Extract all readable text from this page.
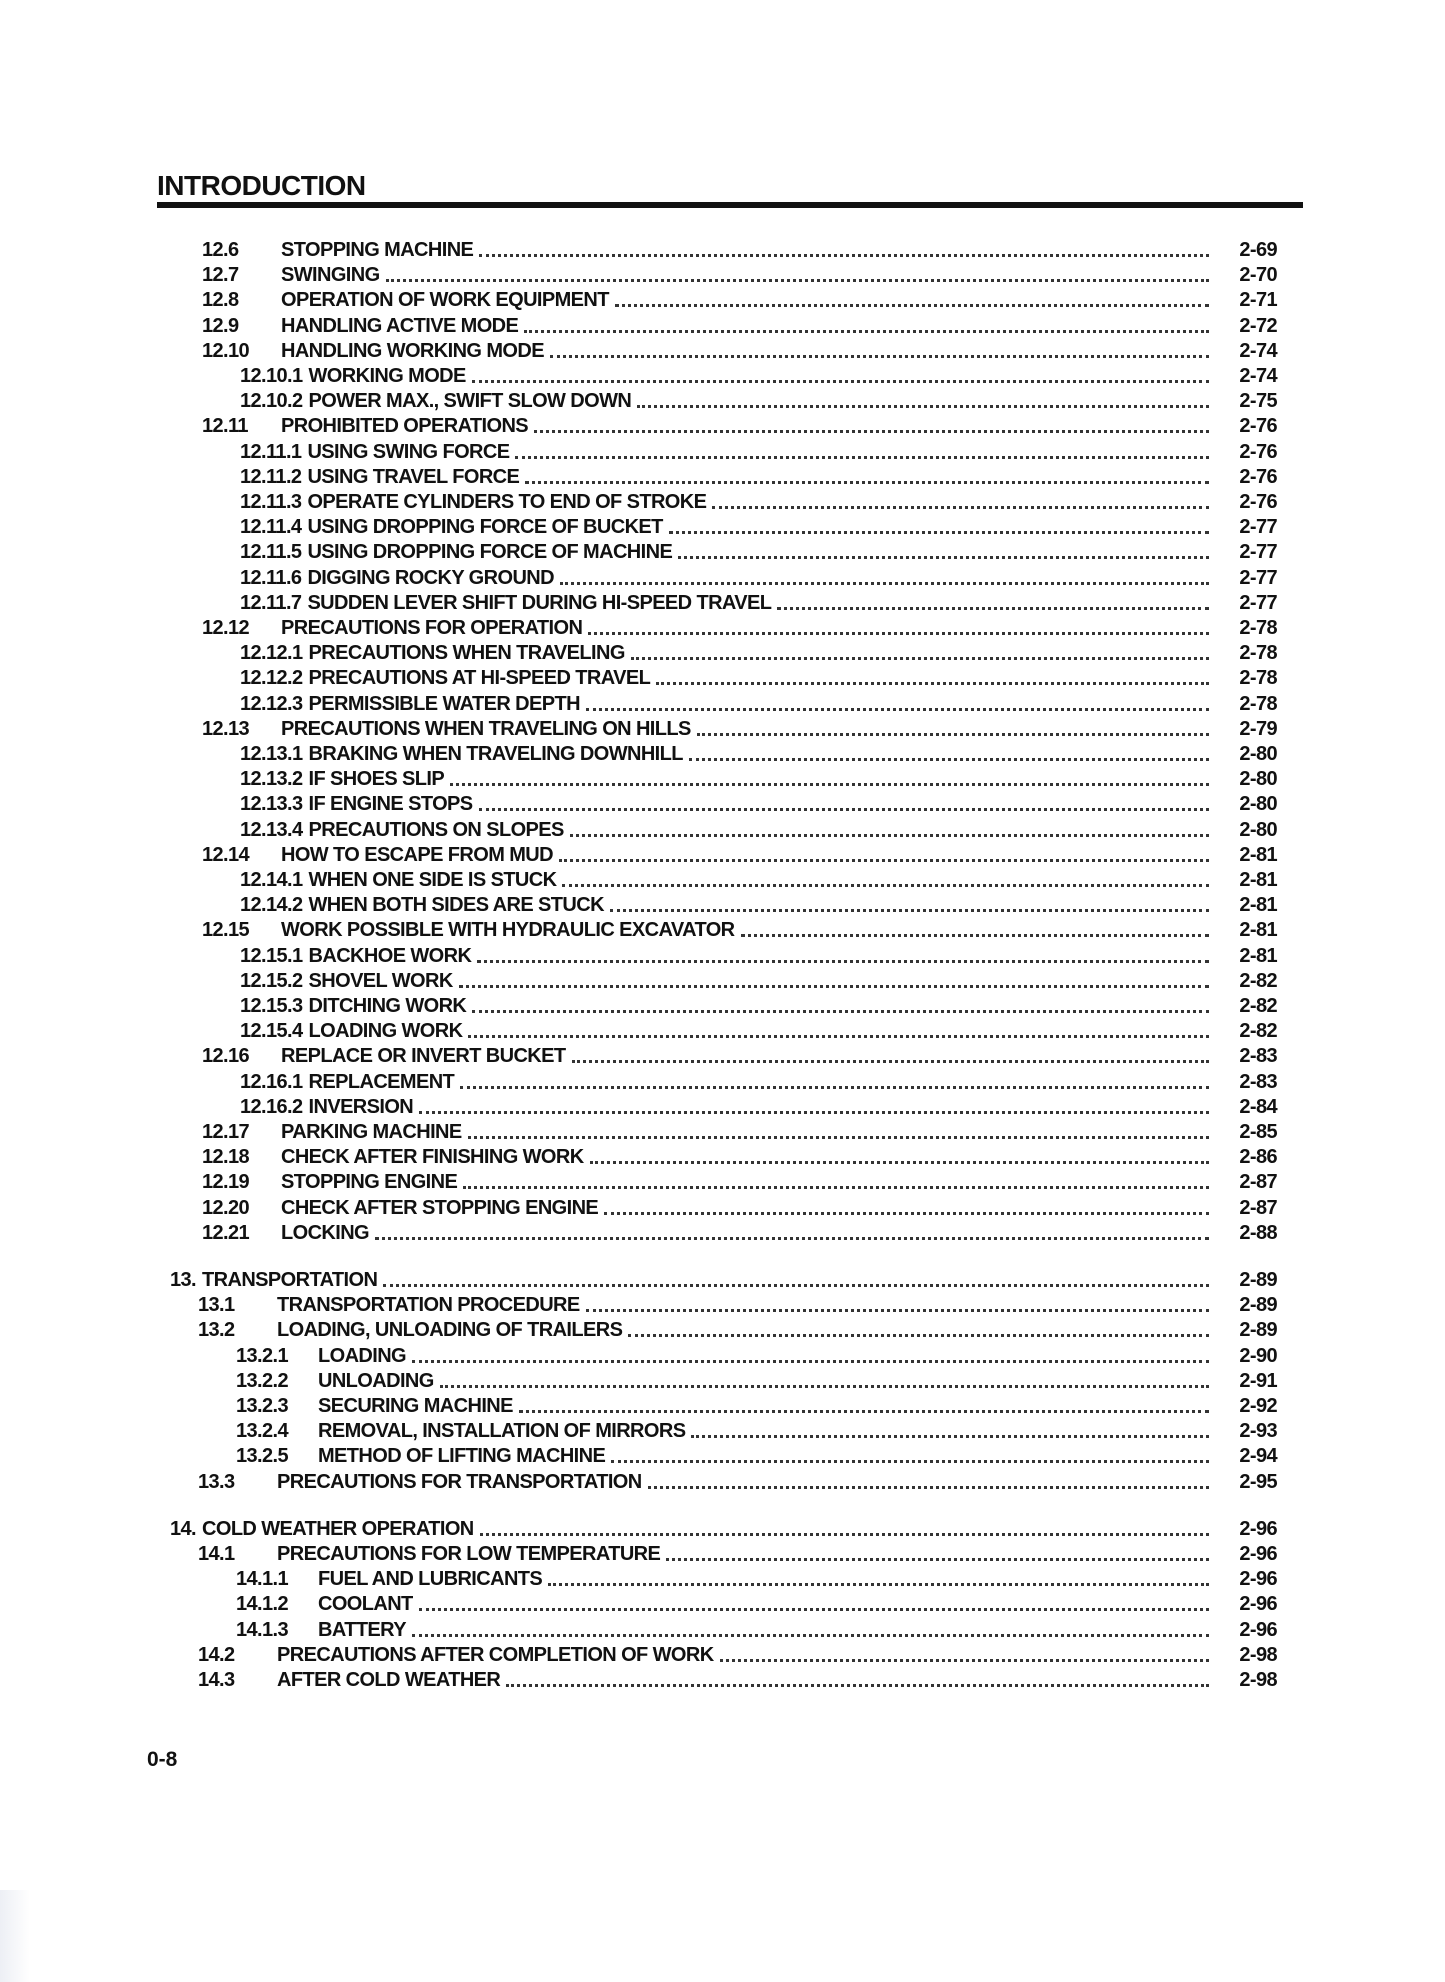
INTRODUCTION
12.6	STOPPING MACHINE	2-69
12.7	SWINGING	2-70
12.8	OPERATION OF WORK EQUIPMENT	2-71
12.9	HANDLING ACTIVE MODE	2-72
12.10	HANDLING WORKING MODE	2-74
12.10.1 WORKING MODE	2-74
12.10.2 POWER MAX., SWIFT SLOW DOWN	2-75
12.11	PROHIBITED OPERATIONS	2-76
12.11.1 USING SWING FORCE	2-76
12.11.2 USING TRAVEL FORCE	2-76
12.11.3 OPERATE CYLINDERS TO END OF STROKE	2-76
12.11.4 USING DROPPING FORCE OF BUCKET	2-77
12.11.5 USING DROPPING FORCE OF MACHINE	2-77
12.11.6 DIGGING ROCKY GROUND	2-77
12.11.7 SUDDEN LEVER SHIFT DURING HI-SPEED TRAVEL	2-77
12.12	PRECAUTIONS FOR OPERATION	2-78
12.12.1 PRECAUTIONS WHEN TRAVELING	2-78
12.12.2 PRECAUTIONS AT HI-SPEED TRAVEL	2-78
12.12.3 PERMISSIBLE WATER DEPTH	2-78
12.13	PRECAUTIONS WHEN TRAVELING ON HILLS	2-79
12.13.1 BRAKING WHEN TRAVELING DOWNHILL	2-80
12.13.2 IF SHOES SLIP	2-80
12.13.3 IF ENGINE STOPS	2-80
12.13.4 PRECAUTIONS ON SLOPES	2-80
12.14	HOW TO ESCAPE FROM MUD	2-81
12.14.1 WHEN ONE SIDE IS STUCK	2-81
12.14.2 WHEN BOTH SIDES ARE STUCK	2-81
12.15	WORK POSSIBLE WITH HYDRAULIC EXCAVATOR	2-81
12.15.1 BACKHOE WORK	2-81
12.15.2 SHOVEL WORK	2-82
12.15.3 DITCHING WORK	2-82
12.15.4 LOADING WORK	2-82
12.16	REPLACE OR INVERT BUCKET	2-83
12.16.1 REPLACEMENT	2-83
12.16.2 INVERSION	2-84
12.17	PARKING MACHINE	2-85
12.18	CHECK AFTER FINISHING WORK	2-86
12.19	STOPPING ENGINE	2-87
12.20	CHECK AFTER STOPPING ENGINE	2-87
12.21	LOCKING	2-88
13. TRANSPORTATION	2-89
13.1	TRANSPORTATION PROCEDURE	2-89
13.2	LOADING, UNLOADING OF TRAILERS	2-89
13.2.1	LOADING	2-90
13.2.2	UNLOADING	2-91
13.2.3	SECURING MACHINE	2-92
13.2.4	REMOVAL, INSTALLATION OF MIRRORS	2-93
13.2.5	METHOD OF LIFTING MACHINE	2-94
13.3	PRECAUTIONS FOR TRANSPORTATION	2-95
14. COLD WEATHER OPERATION	2-96
14.1	PRECAUTIONS FOR LOW TEMPERATURE	2-96
14.1.1	FUEL AND LUBRICANTS	2-96
14.1.2	COOLANT	2-96
14.1.3	BATTERY	2-96
14.2	PRECAUTIONS AFTER COMPLETION OF WORK	2-98
14.3	AFTER COLD WEATHER	2-98
0-8
